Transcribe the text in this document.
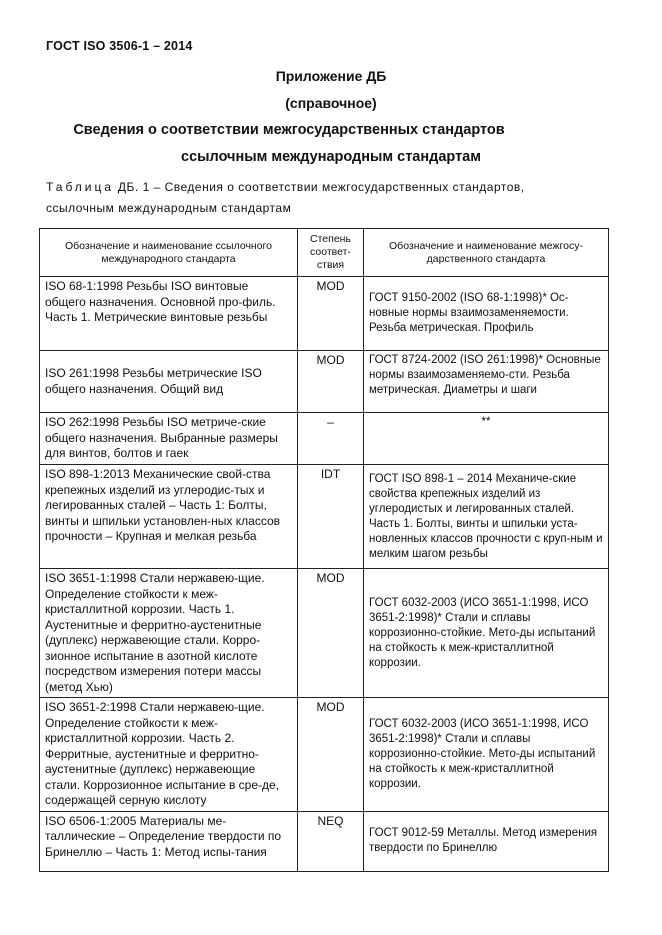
ГОСТ ISO 3506-1 – 2014
Приложение ДБ
(справочное)
Сведения о соответствии межгосударственных стандартов
ссылочным международным стандартам
Таблица ДБ. 1 – Сведения о соответствии межгосударственных стандартов,
ссылочным международным стандартам
Обозначение и наименование ссылочного международного стандарта	Степень соответ-ствия	Обозначение и наименование межгосу-дарственного стандарта
ISO 68-1:1998 Резьбы ISO винтовые общего назначения. Основной про-филь. Часть 1. Метрические винтовые резьбы	MOD	ГОСТ 9150-2002 (ISO 68-1:1998)* Ос-новные нормы взаимозаменяемости. Резьба метрическая. Профиль
ISO 261:1998 Резьбы метрические ISO общего назначения. Общий вид	MOD	ГОСТ 8724-2002 (ISO 261:1998)* Основные нормы взаимозаменяемо-сти. Резьба метрическая. Диаметры и шаги
ISO 262:1998 Резьбы ISO метриче-ские общего назначения. Выбранные размеры для винтов, болтов и гаек	–	**
ISO 898-1:2013 Механические свой-ства крепежных изделий из углеродис-тых и легированных сталей – Часть 1: Болты, винты и шпильки установлен-ных классов прочности – Крупная и мелкая резьба	IDT	ГОСТ ISO 898-1 – 2014 Механиче-ские свойства крепежных изделий из углеродистых и легированных сталей. Часть 1. Болты, винты и шпильки уста-новленных классов прочности с круп-ным и мелким шагом резьбы
ISO 3651-1:1998 Стали нержавею-щие. Определение стойкости к меж-кристаллитной коррозии. Часть 1. Аустенитные и ферритно-аустенитные (дуплекс) нержавеющие стали. Корро-зионное испытание в азотной кислоте посредством измерения потери массы (метод Хью)	MOD	ГОСТ 6032-2003 (ИСО 3651-1:1998, ИСО 3651-2:1998)* Стали и сплавы коррозионно-стойкие. Мето-ды испытаний на стойкость к меж-кристаллитной коррозии.
ISO 3651-2:1998 Стали нержавею-щие. Определение стойкости к меж-кристаллитной коррозии. Часть 2. Ферритные, аустенитные и ферритно-аустенитные (дуплекс) нержавеющие стали. Коррозионное испытание в сре-де, содержащей серную кислоту	MOD	ГОСТ 6032-2003 (ИСО 3651-1:1998, ИСО 3651-2:1998)* Стали и сплавы коррозионно-стойкие. Мето-ды испытаний на стойкость к меж-кристаллитной коррозии.
ISO 6506-1:2005 Материалы ме-таллические – Определение твердости по Бринеллю – Часть 1: Метод испы-тания	NEQ	ГОСТ 9012-59 Металлы. Метод измерения твердости по Бринеллю
